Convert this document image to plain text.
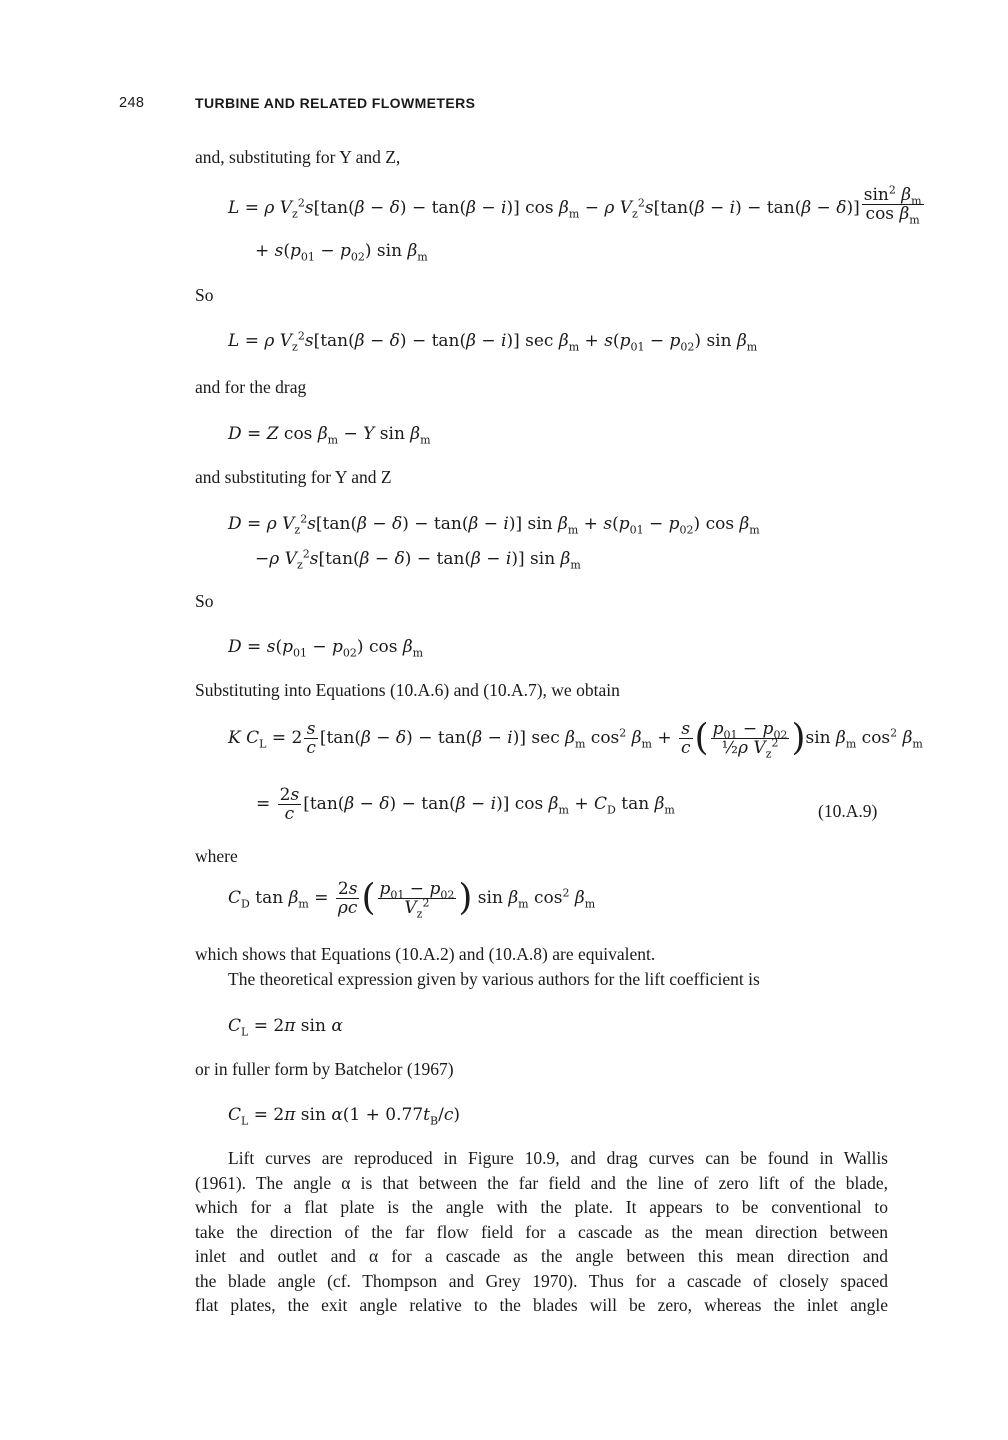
248	TURBINE AND RELATED FLOWMETERS
and, substituting for Y and Z,
L = ρ $V_z^2s[\tan(\beta - \delta) - \tan(\beta - i)]$ $\cos \beta_m - \rho$ $V_z^2s[\tan(\beta - i) - \tan(\beta - \delta)] \frac{\sin^2 \beta_m}{\cos \beta_m}$
+ $s(p_{01} - p_{02})$ $\sin \beta_m$
So
L = ρ $V_z^2s[\tan(\beta - \delta) - \tan(\beta - i)]$ $\sec \beta_m + s(p_{01} - p_{02})$ $\sin \beta_m$
and for the drag
D = Z $\cos \beta_m - Y$ $\sin \beta_m$
and substituting for Y and Z
D = ρ $V_z^2s[\tan(\beta - \delta) - \tan(\beta - i)]$ $\sin \beta_m + s(p_{01} - p_{02})$ $\cos \beta_m$
−ρ $V_z^2s[\tan(\beta - \delta) - \tan(\beta - i)]$ $\sin \beta_m$
So
$D = s(p_{01} - p_{02})$ $\cos \beta_m$
Substituting into Equations (10.A.6) and (10.A.7), we obtain
K $C_L = 2 \frac{s}{c} [\tan(\beta - \delta) - \tan(\beta - i)]$ $\sec \beta_m$ $\cos^2 \beta_m + \frac{s}{c}$ ( $\frac{p_{01} - p_{02}}{\frac{1}{2}\rho V_z^2} )\sin$ $\beta_m$ $\cos^2 \beta_m$
= $\frac{2s}{c} [\tan(\beta - \delta) - \tan(\beta - i)]$ $\cos \beta_m + C_D$ $\tan \beta_m$	(10.A.9)
where
$C_D$ $\tan \beta_m = \frac{2s}{\rho c}$ ( $\frac{p_{01} - p_{02}}{V_z^2}$ ) $\sin \beta_m$ $\cos^2 \beta_m$
which shows that Equations (10.A.2) and (10.A.8) are equivalent.
The theoretical expression given by various authors for the lift coefficient is
$C_L = 2\pi$ sin α
or in fuller form by Batchelor (1967)
$C_L = 2\pi$ $\sin \alpha(1 + 0.77t_B/c)$
Lift curves are reproduced in Figure 10.9, and drag curves can be found in Wallis
(1961). The angle α is that between the far field and the line of zero lift of the blade,
which for a flat plate is the angle with the plate. It appears to be conventional to
take the direction of the far flow field for a cascade as the mean direction between
inlet and outlet and α for a cascade as the angle between this mean direction and
the blade angle (cf. Thompson and Grey 1970). Thus for a cascade of closely spaced
flat plates, the exit angle relative to the blades will be zero, whereas the inlet angle
